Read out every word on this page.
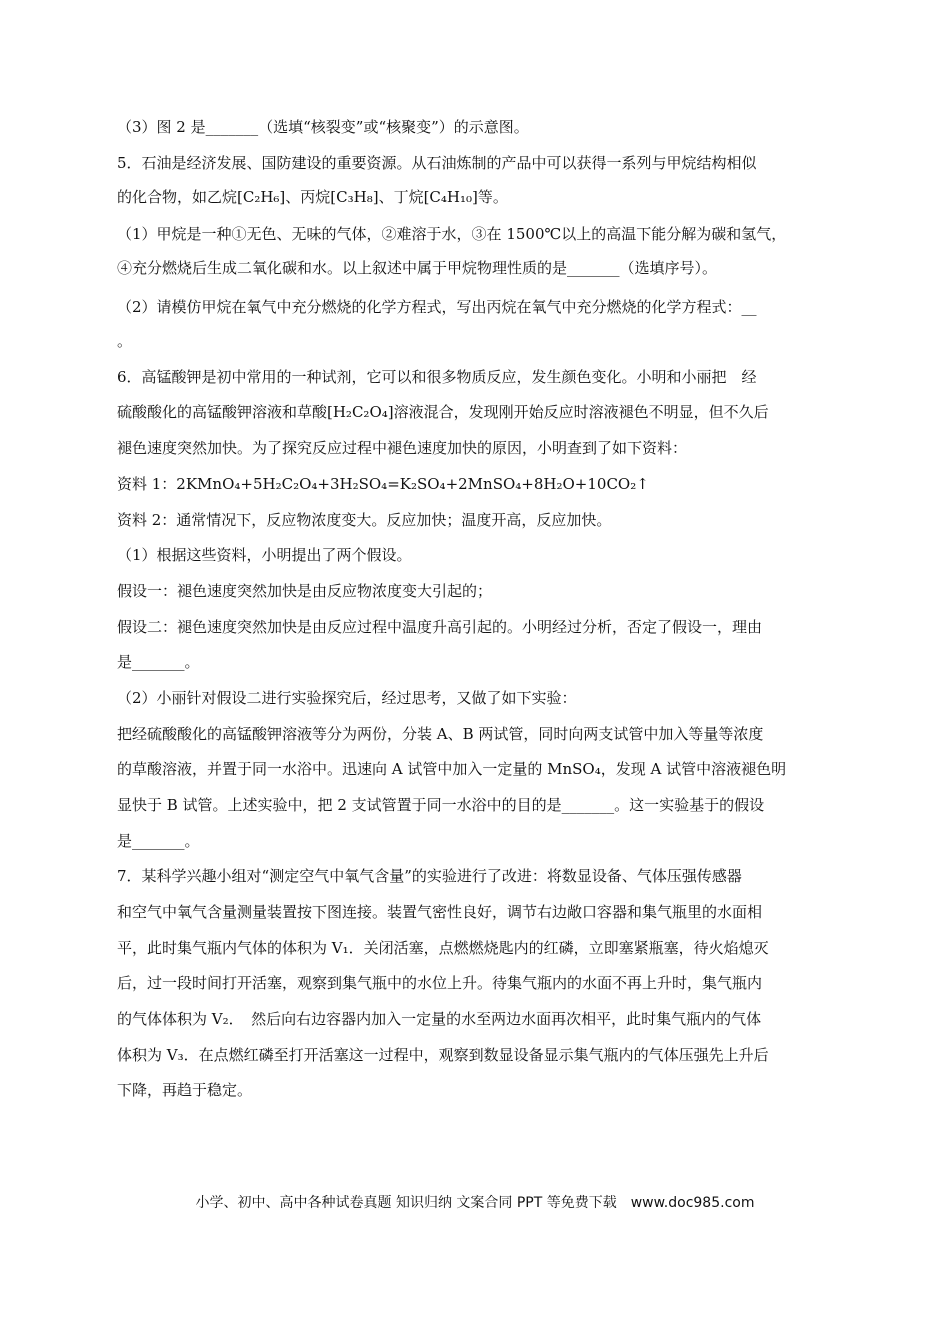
（3）图 2 是_______（选填“核裂变”或“核聚变”）的示意图。
5．石油是经济发展、国防建设的重要资源。从石油炼制的产品中可以获得一系列与甲烷结构相似
的化合物，如乙烷[C₂H₆]、丙烷[C₃H₈]、丁烷[C₄H₁₀]等。
（1）甲烷是一种①无色、无味的气体，②难溶于水，③在 1500℃以上的高温下能分解为碳和氢气，
④充分燃烧后生成二氧化碳和水。以上叙述中属于甲烷物理性质的是_______（选填序号）。
（2）请模仿甲烷在氧气中充分燃烧的化学方程式，写出丙烷在氧气中充分燃烧的化学方程式：__
。
6．高锰酸钾是初中常用的一种试剂，它可以和很多物质反应，发生颜色变化。小明和小丽把　经
硫酸酸化的高锰酸钾溶液和草酸[H₂C₂O₄]溶液混合，发现刚开始反应时溶液褪色不明显，但不久后
褪色速度突然加快。为了探究反应过程中褪色速度加快的原因，小明查到了如下资料：
资料 1：2KMnO₄+5H₂C₂O₄+3H₂SO₄=K₂SO₄+2MnSO₄+8H₂O+10CO₂↑
资料 2：通常情况下，反应物浓度变大。反应加快；温度开高，反应加快。
（1）根据这些资料，小明提出了两个假设。
假设一：褪色速度突然加快是由反应物浓度变大引起的；
假设二：褪色速度突然加快是由反应过程中温度升高引起的。小明经过分析，否定了假设一，理由
是_______。
（2）小丽针对假设二进行实验探究后，经过思考，又做了如下实验：
把经硫酸酸化的高锰酸钾溶液等分为两份，分装 A、B 两试管，同时向两支试管中加入等量等浓度
的草酸溶液，并置于同一水浴中。迅速向 A 试管中加入一定量的 MnSO₄，发现 A 试管中溶液褪色明
显快于 B 试管。上述实验中，把 2 支试管置于同一水浴中的目的是_______。这一实验基于的假设
是_______。
7．某科学兴趣小组对“测定空气中氧气含量”的实验进行了改进：将数显设备、气体压强传感器
和空气中氧气含量测量装置按下图连接。装置气密性良好，调节右边敞口容器和集气瓶里的水面相
平，此时集气瓶内气体的体积为 V₁．关闭活塞，点燃燃烧匙内的红磷，立即塞紧瓶塞，待火焰熄灭
后，过一段时间打开活塞，观察到集气瓶中的水位上升。待集气瓶内的水面不再上升时，集气瓶内
的气体体积为 V₂．　然后向右边容器内加入一定量的水至两边水面再次相平，此时集气瓶内的气体
体积为 V₃．在点燃红磷至打开活塞这一过程中，观察到数显设备显示集气瓶内的气体压强先上升后
下降，再趋于稳定。
小学、初中、高中各种试卷真题 知识归纳 文案合同 PPT 等免费下载　www.doc985.com
